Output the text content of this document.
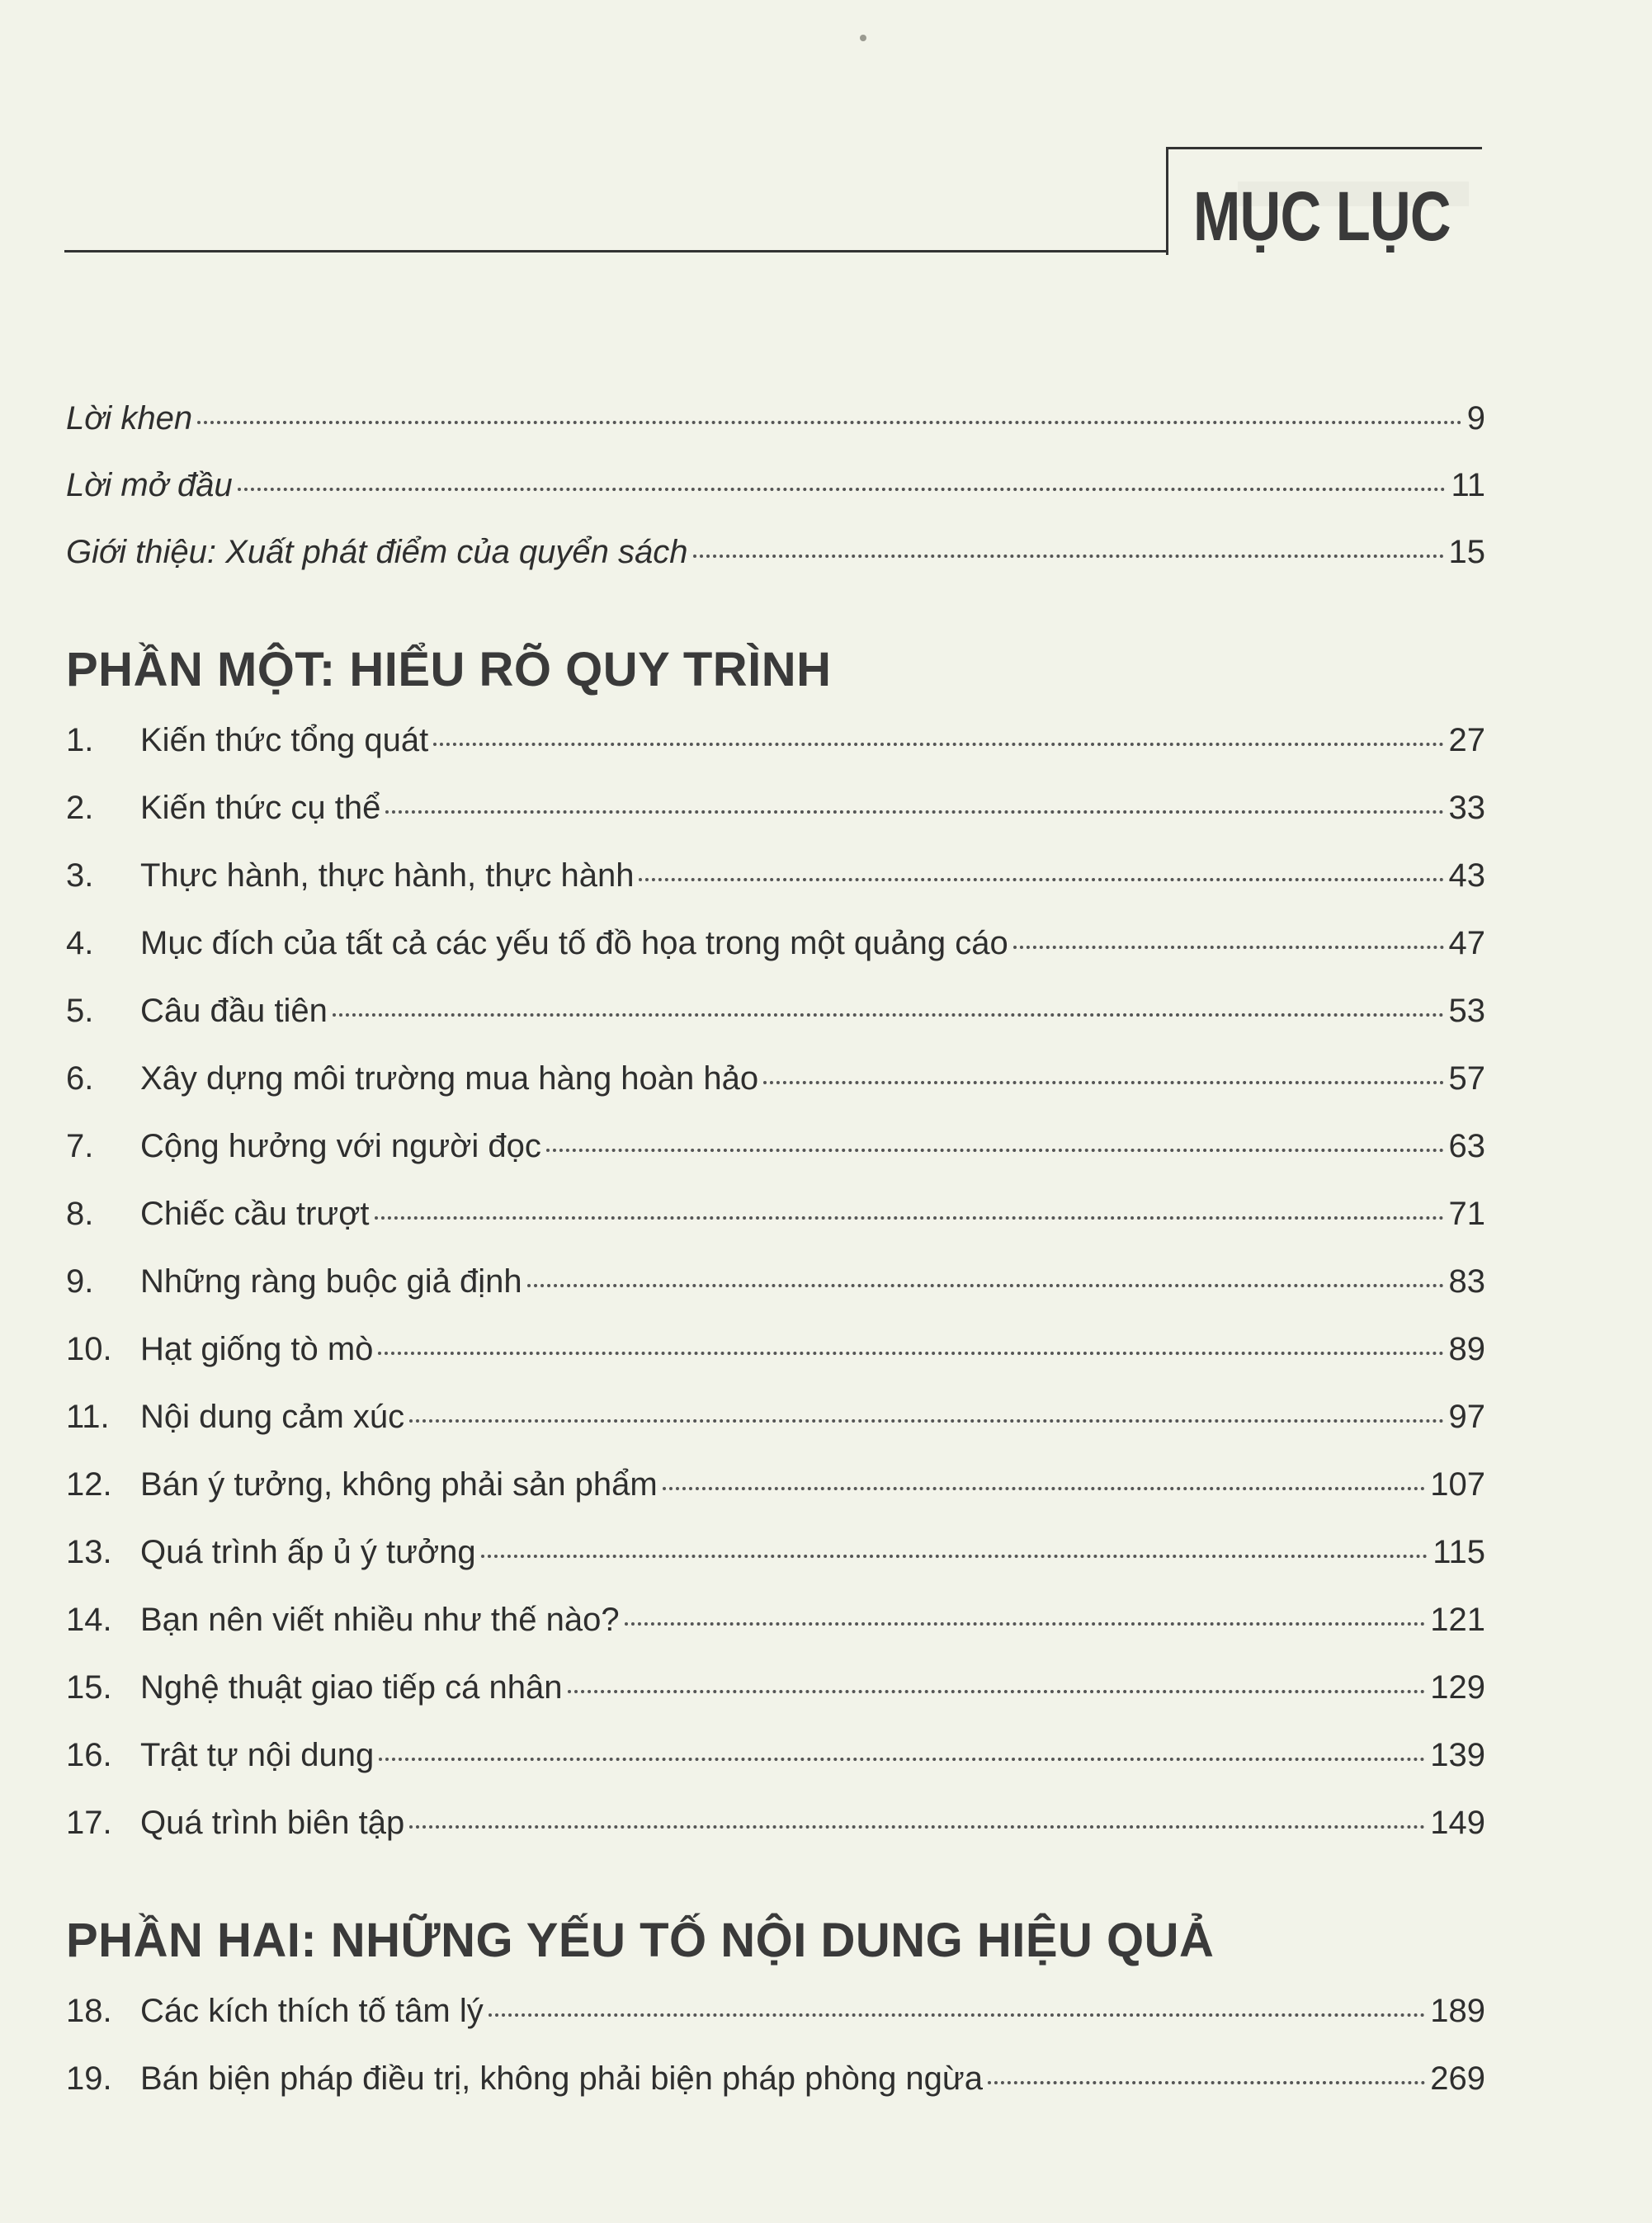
MỤC LỤC
Lời khen	9
Lời mở đầu	11
Giới thiệu: Xuất phát điểm của quyển sách	15
PHẦN MỘT: HIỂU RÕ QUY TRÌNH
1.	Kiến thức tổng quát	27
2.	Kiến thức cụ thể	33
3.	Thực hành, thực hành, thực hành	43
4.	Mục đích của tất cả các yếu tố đồ họa trong một quảng cáo	47
5.	Câu đầu tiên	53
6.	Xây dựng môi trường mua hàng hoàn hảo	57
7.	Cộng hưởng với người đọc	63
8.	Chiếc cầu trượt	71
9.	Những ràng buộc giả định	83
10. Hạt giống tò mò	89
11. Nội dung cảm xúc	97
12. Bán ý tưởng, không phải sản phẩm	107
13. Quá trình ấp ủ ý tưởng	115
14. Bạn nên viết nhiều như thế nào?	121
15. Nghệ thuật giao tiếp cá nhân	129
16. Trật tự nội dung	139
17. Quá trình biên tập	149
PHẦN HAI: NHỮNG YẾU TỐ NỘI DUNG HIỆU QUẢ
18. Các kích thích tố tâm lý	189
19. Bán biện pháp điều trị, không phải biện pháp phòng ngừa	269
